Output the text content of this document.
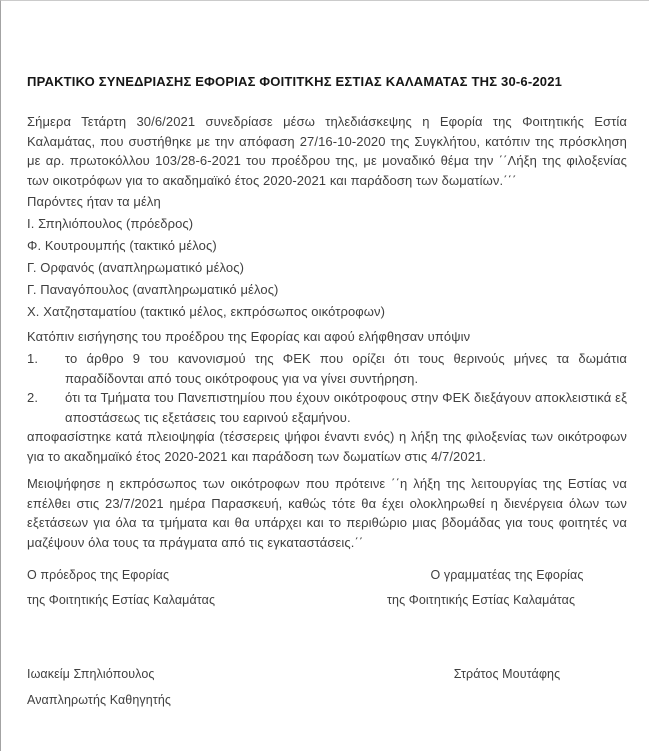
ΠΡΑΚΤΙΚΟ ΣΥΝΕΔΡΙΑΣΗΣ ΕΦΟΡΙΑΣ ΦΟΙΤΙΤΚΗΣ ΕΣΤΙΑΣ ΚΑΛΑΜΑΤΑΣ ΤΗΣ 30-6-2021

Σήμερα Τετάρτη 30/6/2021 συνεδρίασε μέσω τηλεδιάσκεψης η Εφορία της Φοιτητικής Εστία Καλαμάτας, που συστήθηκε με την απόφαση 27/16-10-2020 της Συγκλήτου, κατόπιν της πρόσκληση με αρ. πρωτοκόλλου 103/28-6-2021 του προέδρου της, με μοναδικό θέμα την ΄΄Λήξη της φιλοξενίας των οικοτρόφων για το ακαδημαϊκό έτος 2020-2021 και παράδοση των δωματίων.΄΄΄

Παρόντες ήταν τα μέλη

Ι. Σπηλιόπουλος (πρόεδρος)

Φ. Κουτρουμπής (τακτικό μέλος)

Γ. Ορφανός (αναπληρωματικό μέλος)

Γ. Παναγόπουλος (αναπληρωματικό μέλος)

Χ. Χατζησταματίου (τακτικό μέλος, εκπρόσωπος οικότροφων)

Κατόπιν εισήγησης του προέδρου της Εφορίας και αφού ελήφθησαν υπόψιν

1.	το άρθρο 9 του κανονισμού της ΦΕΚ που ορίζει ότι τους θερινούς μήνες τα δωμάτια παραδίδονται από τους οικότροφους για να γίνει συντήρηση.
2.	ότι τα Τμήματα του Πανεπιστημίου που έχουν οικότροφους στην ΦΕΚ διεξάγουν αποκλειστικά εξ αποστάσεως τις εξετάσεις του εαρινού εξαμήνου.

αποφασίστηκε κατά πλειοψηφία (τέσσερεις ψήφοι έναντι ενός) η λήξη της φιλοξενίας των οικότροφων για το ακαδημαϊκό έτος 2020-2021 και παράδοση των δωματίων στις 4/7/2021.

Μειοψήφησε η εκπρόσωπος των οικότροφων που πρότεινε ΄΄η λήξη της λειτουργίας της Εστίας να επέλθει στις 23/7/2021 ημέρα Παρασκευή, καθώς τότε θα έχει ολοκληρωθεί η διενέργεια όλων των εξετάσεων για όλα τα τμήματα και θα υπάρχει και το περιθώριο μιας βδομάδας για τους φοιτητές να μαζέψουν όλα τους τα πράγματα από τις εγκαταστάσεις.΄΄

Ο πρόεδρος της Εφορίας

της Φοιτητικής Εστίας Καλαμάτας

Ο γραμματέας της Εφορίας

της Φοιτητικής Εστίας Καλαμάτας

Ιωακείμ Σπηλιόπουλος

Αναπληρωτής Καθηγητής

Στράτος Μουτάφης
